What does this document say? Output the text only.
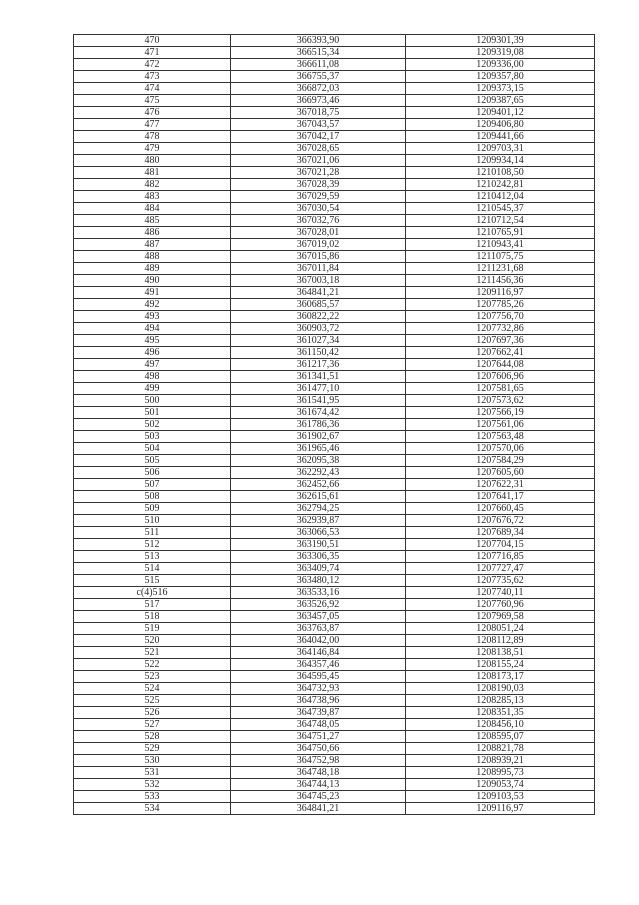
470	366393,90	1209301,39
471	366515,34	1209319,08
472	366611,08	1209336,00
473	366755,37	1209357,80
474	366872,03	1209373,15
475	366973,46	1209387,65
476	367018,75	1209401,12
477	367043,57	1209406,80
478	367042,17	1209441,66
479	367028,65	1209703,31
480	367021,06	1209934,14
481	367021,28	1210108,50
482	367028,39	1210242,81
483	367029,59	1210412,04
484	367030,54	1210545,37
485	367032,76	1210712,54
486	367028,01	1210765,91
487	367019,02	1210943,41
488	367015,86	1211075,75
489	367011,84	1211231,68
490	367003,18	1211456,36
491	364841,21	1209116,97
492	360685,57	1207785,26
493	360822,22	1207756,70
494	360903,72	1207732,86
495	361027,34	1207697,36
496	361150,42	1207662,41
497	361217,36	1207644,08
498	361341,51	1207606,96
499	361477,10	1207581,65
500	361541,95	1207573,62
501	361674,42	1207566,19
502	361786,36	1207561,06
503	361902,67	1207563,48
504	361965,46	1207570,06
505	362095,38	1207584,29
506	362292,43	1207605,60
507	362452,66	1207622,31
508	362615,61	1207641,17
509	362794,25	1207660,45
510	362939,87	1207676,72
511	363066,53	1207689,34
512	363190,51	1207704,15
513	363306,35	1207716,85
514	363409,74	1207727,47
515	363480,12	1207735,62
c(4)516	363533,16	1207740,11
517	363526,92	1207760,96
518	363457,05	1207969,58
519	363763,87	1208051,24
520	364042,00	1208112,89
521	364146,84	1208138,51
522	364357,46	1208155,24
523	364595,45	1208173,17
524	364732,93	1208190,03
525	364738,96	1208285,13
526	364739,87	1208351,35
527	364748,05	1208456,10
528	364751,27	1208595,07
529	364750,66	1208821,78
530	364752,98	1208939,21
531	364748,18	1208995,73
532	364744,13	1209053,74
533	364745,23	1209103,53
534	364841,21	1209116,97
